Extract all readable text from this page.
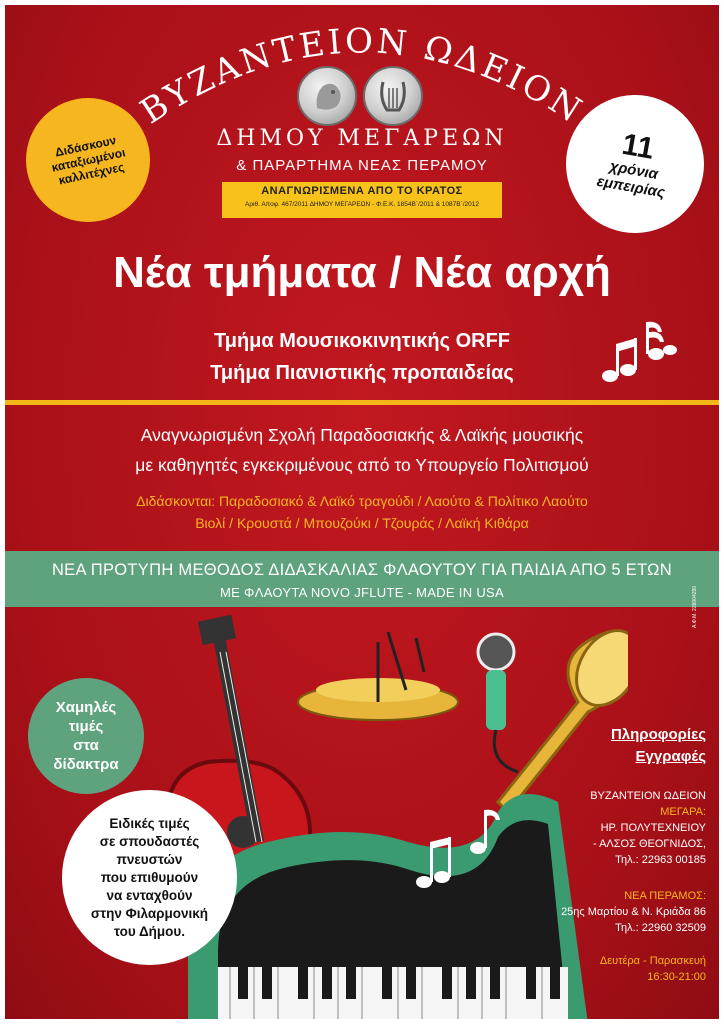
ΒΥΖΑΝΤΕΙΟΝ ΩΔΕΙΟΝ
ΔΗΜΟΥ ΜΕΓΑΡΕΩΝ
& ΠΑΡΑΡΤΗΜΑ ΝΕΑΣ ΠΕΡΑΜΟΥ
ΑΝΑΓΝΩΡΙΣΜΕΝΑ ΑΠΟ ΤΟ ΚΡΑΤΟΣ
Αριθ. Αποφ. 467/2011 ΔΗΜΟΥ ΜΕΓΑΡΕΩΝ - Φ.Ε.Κ. 1854Β΄/2011 & 1087Β΄/2012
Διδάσκουν
καταξιωμένοι
καλλιτέχνες
11
χρόνια
εμπειρίας
Νέα τμήματα / Νέα αρχή
Τμήμα Μουσικοκινητικής ORFF
Τμήμα Πιανιστικής προπαιδείας
Αναγνωρισμένη Σχολή Παραδοσιακής & Λαϊκής μουσικής
με καθηγητές εγκεκριμένους από το Υπουργείο Πολιτισμού
Διδάσκονται: Παραδοσιακό & Λαϊκό τραγούδι / Λαούτο & Πολίτικο Λαούτο
Βιολί / Κρουστά / Μπουζούκι / Τζουράς / Λαϊκή Κιθάρα
ΝΕΑ ΠΡΟΤΥΠΗ ΜΕΘΟΔΟΣ ΔΙΔΑΣΚΑΛΙΑΣ ΦΛΑΟΥΤΟΥ ΓΙΑ ΠΑΙΔΙΑ ΑΠΟ 5 ΕΤΩΝ
ΜΕ ΦΛΑΟΥΤΑ NOVO JFLUTE - MADE IN USA	Α.Φ.Μ. 228004290
Χαμηλές
τιμές
στα
δίδακτρα
Ειδικές τιμές
σε σπουδαστές
πνευστών
που επιθυμούν
να ενταχθούν
στην Φιλαρμονική
του Δήμου.
Πληροφορίες
Εγγραφές
ΒΥΖΑΝΤΕΙΟΝ ΩΔΕΙΟΝ
ΜΕΓΑΡΑ:
ΗΡ. ΠΟΛΥΤΕΧΝΕΙΟΥ
- ΑΛΣΟΣ ΘΕΟΓΝΙΔΟΣ,
Τηλ.: 22963 00185
ΝΕΑ ΠΕΡΑΜΟΣ:
25ης Μαρτίου & Ν. Κριάδα 86
Τηλ.: 22960 32509
Δευτέρα - Παρασκευή
16:30-21:00
